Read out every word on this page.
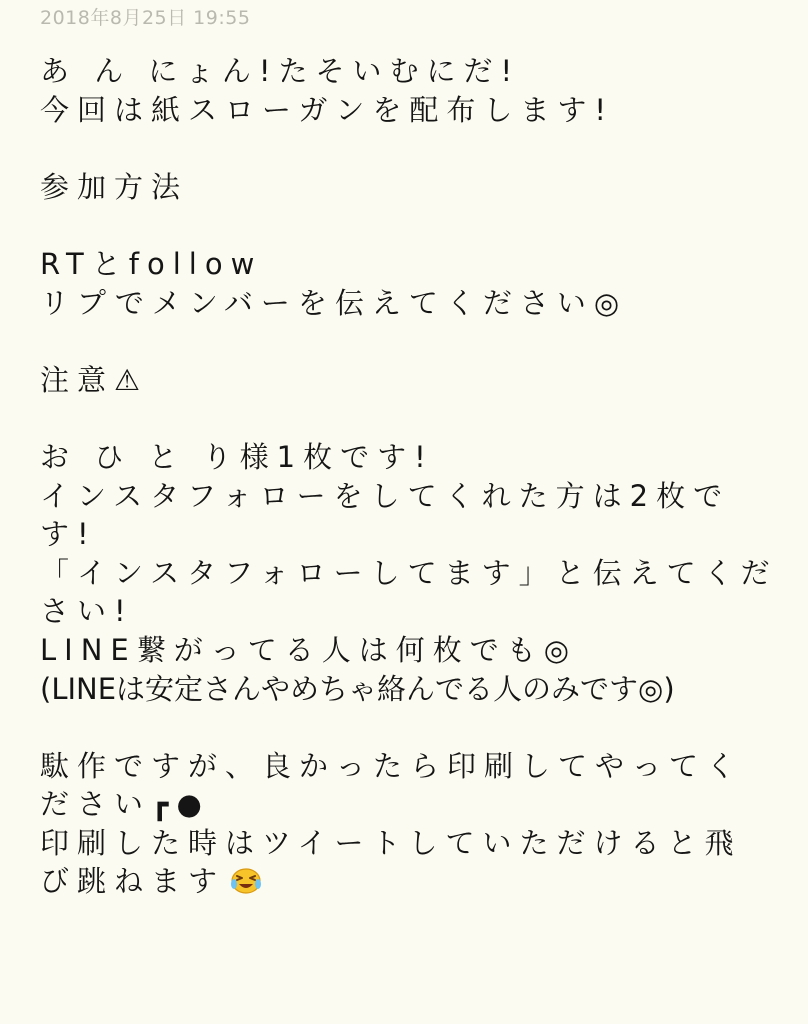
2018年8月25日 19:55
あ ん にょん!たそいむにだ!
今回は紙スローガンを配布します!
参加方法
RTとfollow
リプでメンバーを伝えてください◎
注意⚠
お ひ と り様1枚です!
インスタフォローをしてくれた方は2枚で
す!
「インスタフォローしてます」と伝えてくだ
さい!
LINE繋がってる人は何枚でも◎
(LINEは安定さんやめちゃ絡んでる人のみです◎)
駄作ですが、良かったら印刷してやってく
ださい┏●
印刷した時はツイートしていただけると飛
び跳ねます
